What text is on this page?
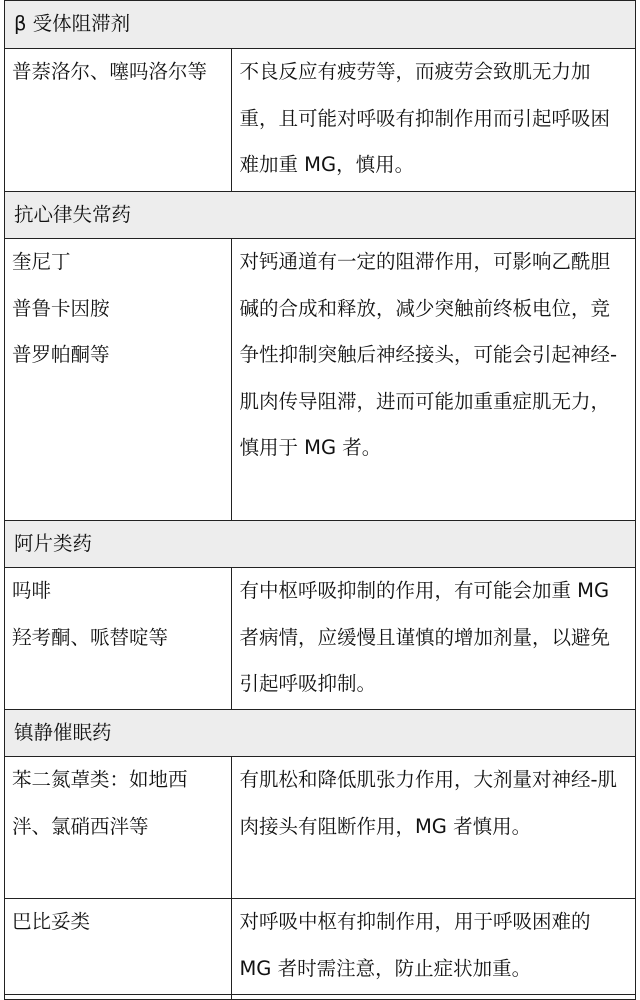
β 受体阻滞剂	

普萘洛尔、噻吗洛尔等	不良反应有疲劳等，而疲劳会致肌无力加重，且可能对呼吸有抑制作用而引起呼吸困难加重 MG，慎用。

抗心律失常药	

奎尼丁
普鲁卡因胺
普罗帕酮等	对钙通道有一定的阻滞作用，可影响乙酰胆碱的合成和释放，减少突触前终板电位，竞争性抑制突触后神经接头，可能会引起神经-肌肉传导阻滞，进而可能加重重症肌无力，慎用于 MG 者。

阿片类药	

吗啡
羟考酮、哌替啶等	有中枢呼吸抑制的作用，有可能会加重 MG 者病情，应缓慢且谨慎的增加剂量，以避免引起呼吸抑制。

镇静催眠药	

苯二氮䓬类：如地西泮、氯硝西泮等	有肌松和降低肌张力作用，大剂量对神经-肌肉接头有阻断作用，MG 者慎用。

巴比妥类	对呼吸中枢有抑制作用，用于呼吸困难的 MG 者时需注意，防止症状加重。
